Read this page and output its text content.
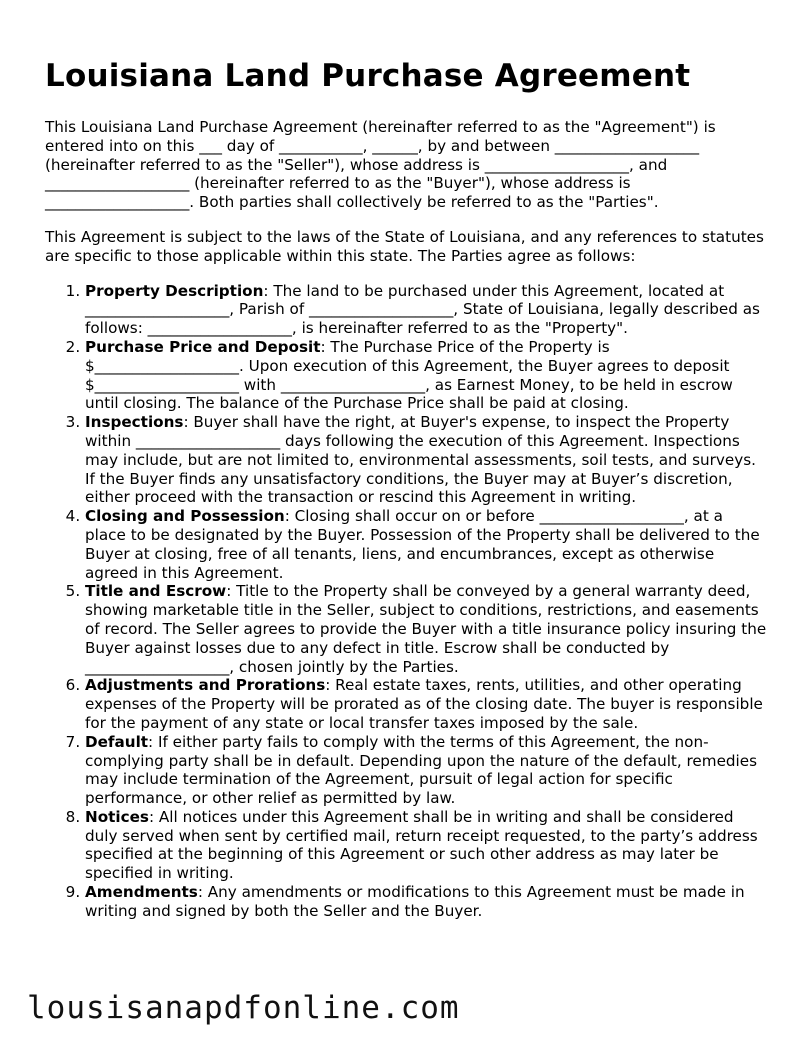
Louisiana Land Purchase Agreement

This Louisiana Land Purchase Agreement (hereinafter referred to as the "Agreement") is entered into on this ___ day of ___________, ______, by and between ___________________ (hereinafter referred to as the "Seller"), whose address is ___________________, and ___________________ (hereinafter referred to as the "Buyer"), whose address is ___________________. Both parties shall collectively be referred to as the "Parties".

This Agreement is subject to the laws of the State of Louisiana, and any references to statutes are specific to those applicable within this state. The Parties agree as follows:

1. Property Description: The land to be purchased under this Agreement, located at ___________________, Parish of ___________________, State of Louisiana, legally described as follows: ___________________, is hereinafter referred to as the "Property".
2. Purchase Price and Deposit: The Purchase Price of the Property is $___________________. Upon execution of this Agreement, the Buyer agrees to deposit $___________________ with ___________________, as Earnest Money, to be held in escrow until closing. The balance of the Purchase Price shall be paid at closing.
3. Inspections: Buyer shall have the right, at Buyer's expense, to inspect the Property within ___________________ days following the execution of this Agreement. Inspections may include, but are not limited to, environmental assessments, soil tests, and surveys. If the Buyer finds any unsatisfactory conditions, the Buyer may at Buyer’s discretion, either proceed with the transaction or rescind this Agreement in writing.
4. Closing and Possession: Closing shall occur on or before ___________________, at a place to be designated by the Buyer. Possession of the Property shall be delivered to the Buyer at closing, free of all tenants, liens, and encumbrances, except as otherwise agreed in this Agreement.
5. Title and Escrow: Title to the Property shall be conveyed by a general warranty deed, showing marketable title in the Seller, subject to conditions, restrictions, and easements of record. The Seller agrees to provide the Buyer with a title insurance policy insuring the Buyer against losses due to any defect in title. Escrow shall be conducted by ___________________, chosen jointly by the Parties.
6. Adjustments and Prorations: Real estate taxes, rents, utilities, and other operating expenses of the Property will be prorated as of the closing date. The buyer is responsible for the payment of any state or local transfer taxes imposed by the sale.
7. Default: If either party fails to comply with the terms of this Agreement, the non-complying party shall be in default. Depending upon the nature of the default, remedies may include termination of the Agreement, pursuit of legal action for specific performance, or other relief as permitted by law.
8. Notices: All notices under this Agreement shall be in writing and shall be considered duly served when sent by certified mail, return receipt requested, to the party’s address specified at the beginning of this Agreement or such other address as may later be specified in writing.
9. Amendments: Any amendments or modifications to this Agreement must be made in writing and signed by both the Seller and the Buyer.
lousisanapdfonline.com
